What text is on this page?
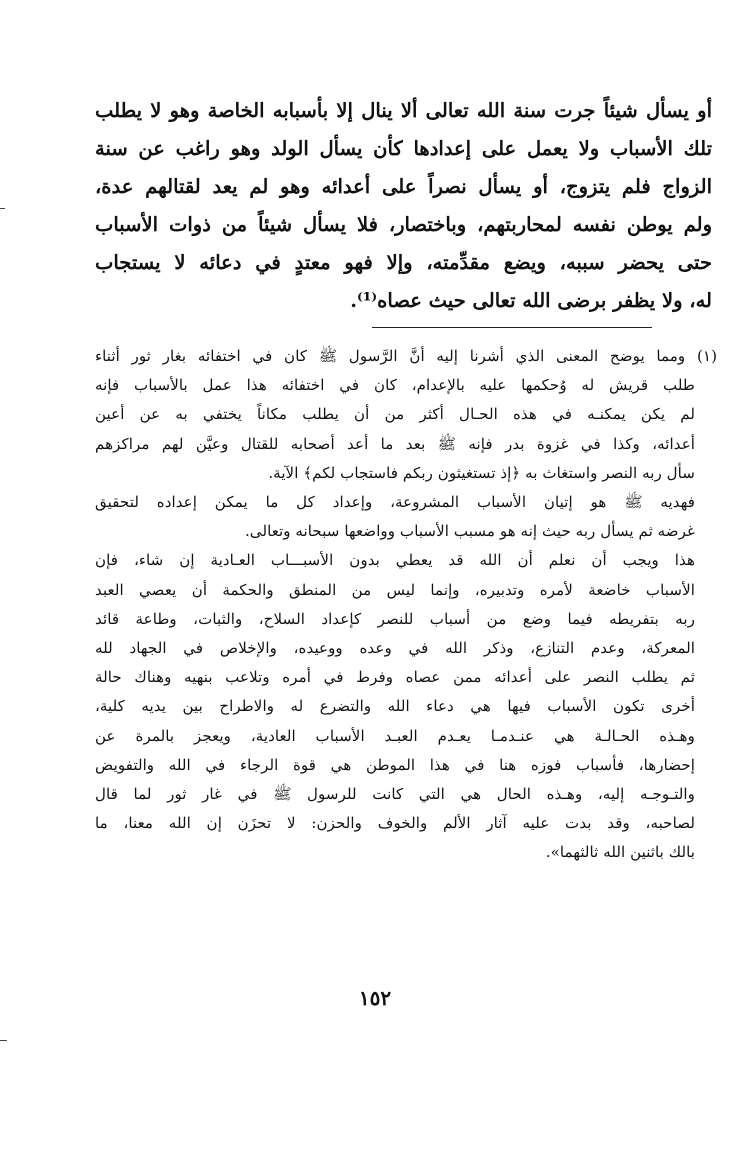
أو يسأل شيئاً جرت سنة الله تعالى ألا ينال إلا بأسبابه الخاصة وهو لا يطلب
تلك الأسباب ولا يعمل على إعدادها كأن يسأل الولد وهو راغب عن سنة
الزواج فلم يتزوج، أو يسأل نصراً على أعدائه وهو لم يعد لقتالهم عدة،
ولم يوطن نفسه لمحاربتهم، وباختصار، فلا يسأل شيئاً من ذوات الأسباب
حتى يحضر سببه، ويضع مقدِّمته، وإلا فهو معتدٍ في دعائه لا يستجاب
له، ولا يظفر برضى الله تعالى حيث عصاه⁽¹⁾.
(١) ومما يوضح المعنى الذي أشرنا إليه أنَّ الرَّسول ﷺ كان في اختفائه بغار ثور أثناء
طلب قريش له وُحكمها عليه بالإعدام، كان في اختفائه هذا عمل بالأسباب فإنه
لم يكن يمكنـه في هذه الحـال أكثر من أن يطلب مكاناً يختفي به عن أعين
أعدائه، وكذا في غزوة بدر فإنه ﷺ بعد ما أعد أصحابه للقتال وعيَّن لهم مراكزهم
سأل ربه النصر واستغاث به ﴿إذ تستغيثون ربكم فاستجاب لكم﴾ الآية.
فهديه ﷺ هو إتيان الأسباب المشروعة، وإعداد كل ما يمكن إعداده لتحقيق
غرضه ثم يسأل ربه حيث إنه هو مسبب الأسباب وواضعها سبحانه وتعالى.
هذا ويجب أن نعلم أن الله قد يعطي بدون الأسبـــاب العـادية إن شاء، فإن
الأسباب خاضعة لأمره وتدبيره، وإنما ليس من المنطق والحكمة أن يعصي العبد
ربه بتفريطه فيما وضع من أسباب للنصر كإعداد السلاح، والثبات، وطاعة قائد
المعركة، وعدم التنازع، وذكر الله في وعده ووعيده، والإخلاص في الجهاد لله
ثم يطلب النصر على أعدائه ممن عصاه وفرط في أمره وتلاعب بنهيه وهناك حالة
أخرى تكون الأسباب فيها هي دعاء الله والتضرع له والاطراح بين يديه كلية،
وهـذه الحـالـة هي عنـدمـا يعـدم العبـد الأسباب العادية، ويعجز بالمرة عن
إحضارها، فأسباب فوزه هنا في هذا الموطن هي قوة الرجاء في الله والتفويض
والتـوجـه إليه، وهـذه الحال هي التي كانت للرسول ﷺ في غار ثور لما قال
لصاحبه، وقد بدت عليه آثار الألم والخوف والحزن: لا تحزَن إن الله معنا، ما
بالك باثنين الله ثالثهما».
١٥٢
